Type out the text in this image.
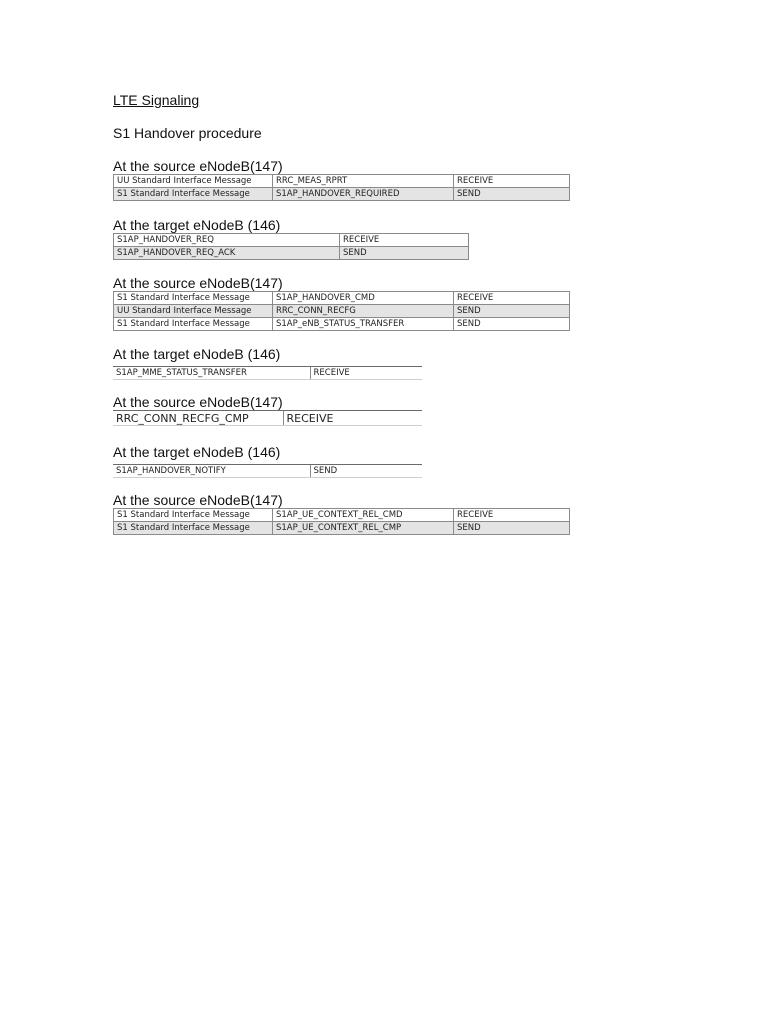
LTE Signaling
S1 Handover procedure
At the source eNodeB(147)
UU Standard Interface Message	RRC_MEAS_RPRT	RECEIVE
S1 Standard Interface Message	S1AP_HANDOVER_REQUIRED	SEND
At the target eNodeB (146)
S1AP_HANDOVER_REQ	RECEIVE
S1AP_HANDOVER_REQ_ACK	SEND
At the source eNodeB(147)
S1 Standard Interface Message	S1AP_HANDOVER_CMD	RECEIVE
UU Standard Interface Message	RRC_CONN_RECFG	SEND
S1 Standard Interface Message	S1AP_eNB_STATUS_TRANSFER	SEND
At the target eNodeB (146)
S1AP_MME_STATUS_TRANSFER	RECEIVE
At the source eNodeB(147)
RRC_CONN_RECFG_CMP	RECEIVE
At the target eNodeB (146)
S1AP_HANDOVER_NOTIFY	SEND
At the source eNodeB(147)
S1 Standard Interface Message	S1AP_UE_CONTEXT_REL_CMD	RECEIVE
S1 Standard Interface Message	S1AP_UE_CONTEXT_REL_CMP	SEND
